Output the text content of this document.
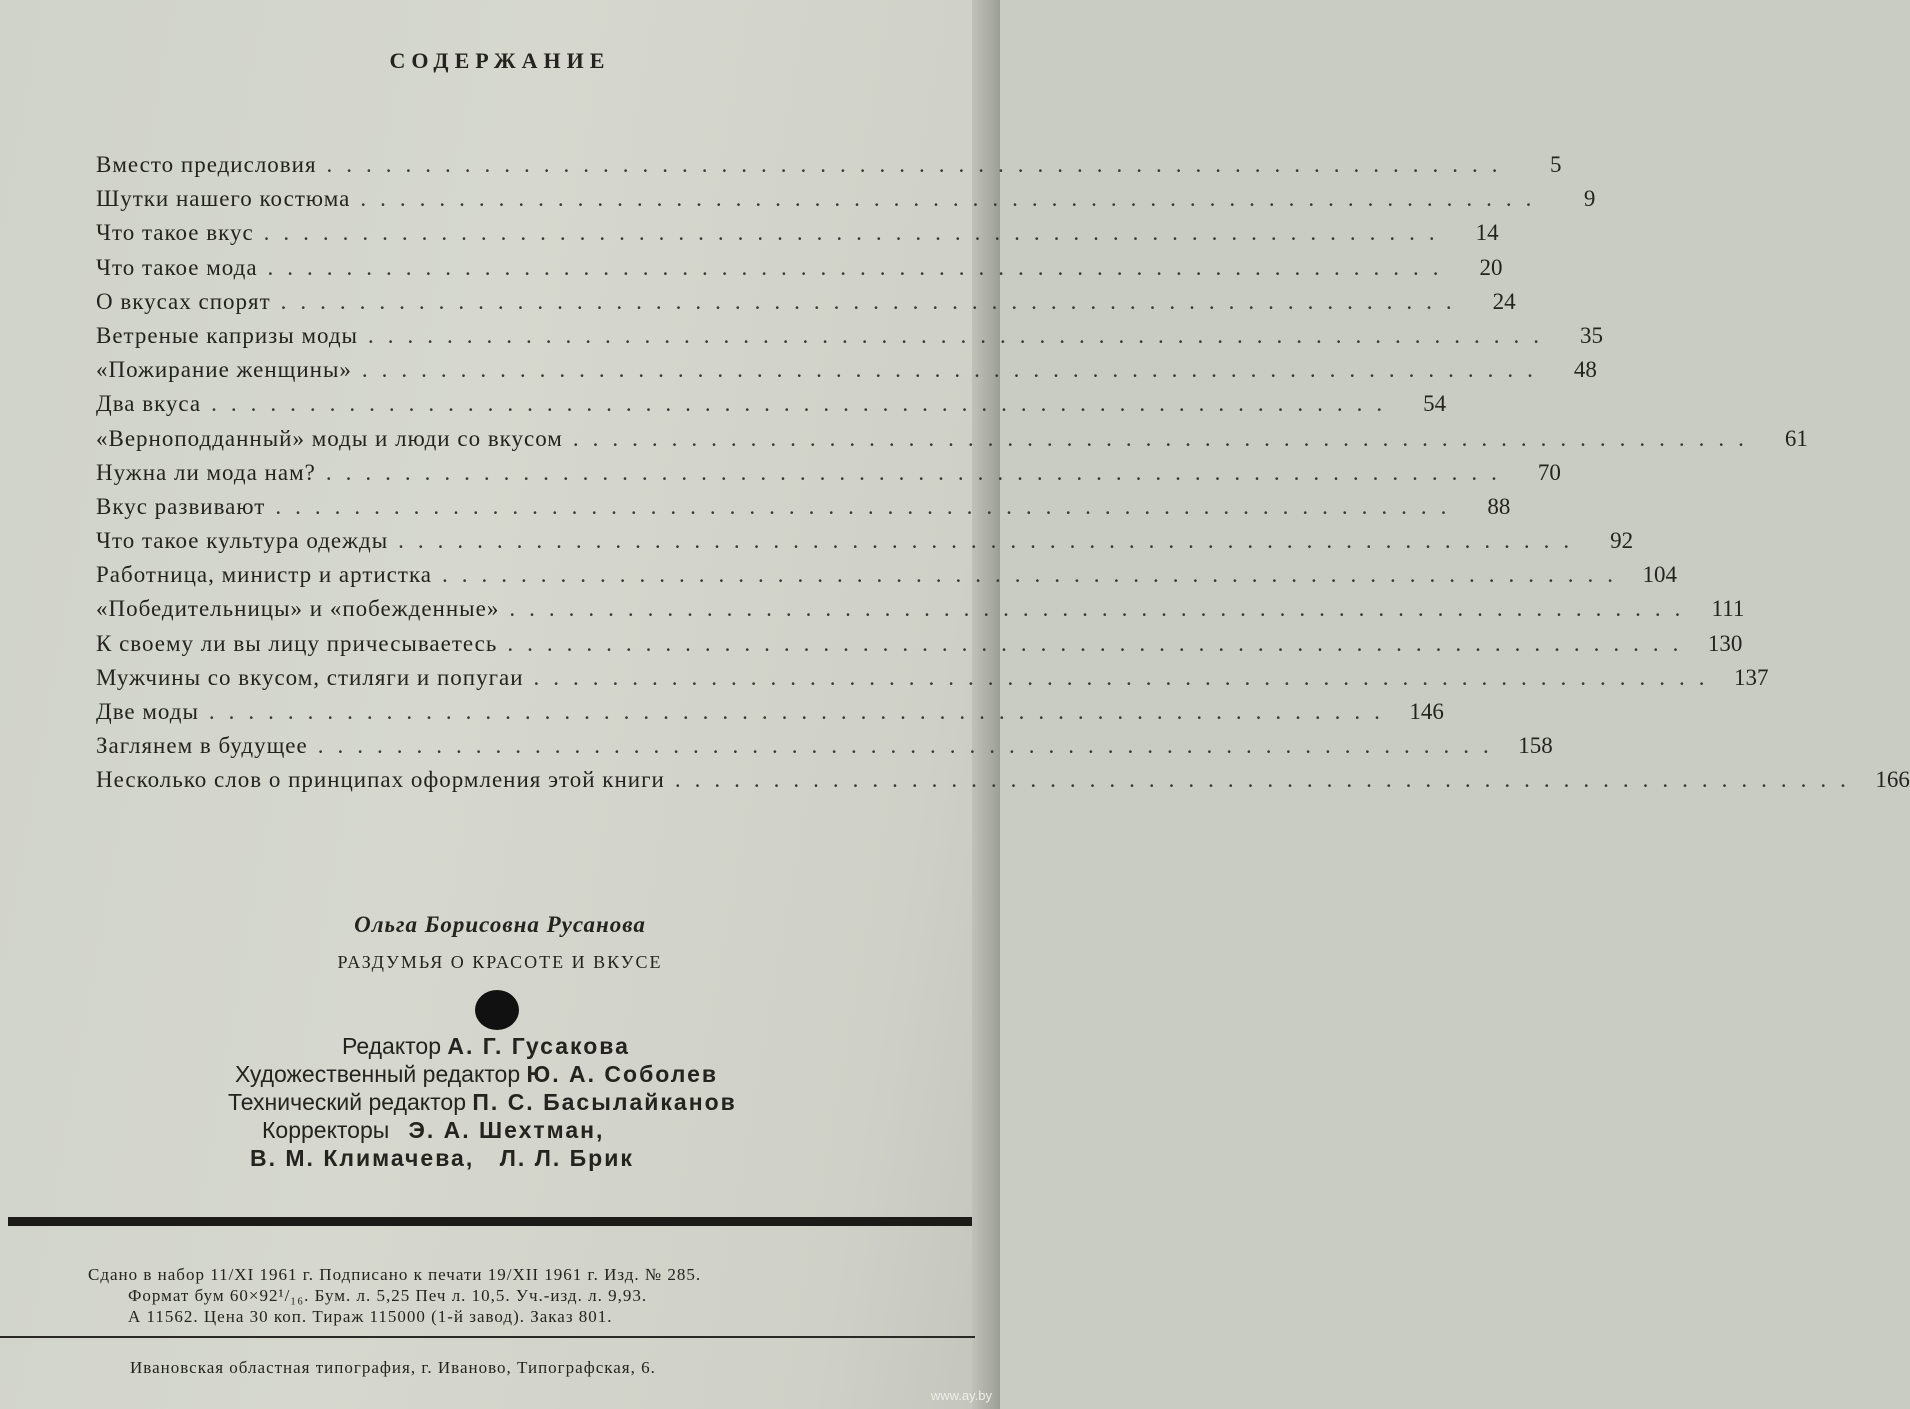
СОДЕРЖАНИЕ
Вместо предисловия ............................................................	5
Шутки нашего костюма ............................................................	9
Что такое вкус ............................................................	14
Что такое мода ............................................................	20
О вкусах спорят ............................................................	24
Ветреные капризы моды ............................................................	35
«Пожирание женщины» ............................................................	48
Два вкуса ............................................................	54
«Верноподданный» моды и люди со вкусом ............................................................	61
Нужна ли мода нам? ............................................................	70
Вкус развивают ............................................................	88
Что такое культура одежды ............................................................	92
Работница, министр и артистка ............................................................ 104
«Победительницы» и «побежденные» ............................................................ 111
К своему ли вы лицу причесываетесь ............................................................ 130
Мужчины со вкусом, стиляги и попугаи ............................................................ 137
Две моды ............................................................ 146
Заглянем в будущее ............................................................ 158
Несколько слов о принципах оформления этой книги ............................................................ 166
Ольга Борисовна Русанова
РАЗДУМЬЯ О КРАСОТЕ И ВКУСЕ
Редактор А. Г. Гусакова
Художественный редактор Ю. А. Соболев
Технический редактор П. С. Басылайканов
Корректоры Э. А. Шехтман,
В. М. Климачева, Л. Л. Брик
Сдано в набор 11/XI 1961 г. Подписано к печати 19/XII 1961 г. Изд. № 285.
Формат бум 60×92¹/₁₆. Бум. л. 5,25 Печ л. 10,5. Уч.-изд. л. 9,93.
А 11562. Цена 30 коп. Тираж 115000 (1-й завод). Заказ 801.
Ивановская областная типография, г. Иваново, Типографская, 6.
www.ay.by
